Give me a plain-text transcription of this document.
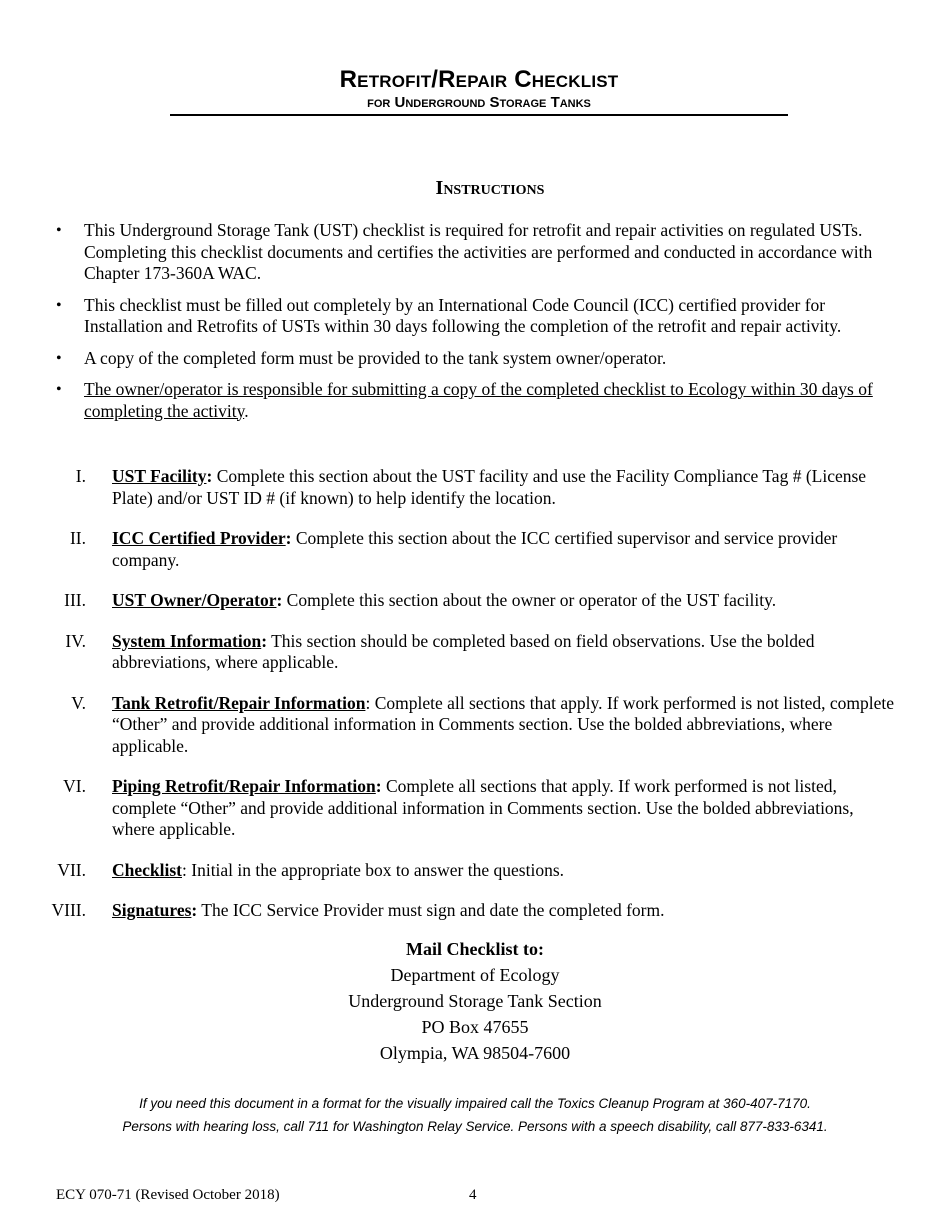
Retrofit/Repair Checklist
for Underground Storage Tanks
Instructions
• This Underground Storage Tank (UST) checklist is required for retrofit and repair activities on regulated USTs. Completing this checklist documents and certifies the activities are performed and conducted in accordance with Chapter 173-360A WAC.
• This checklist must be filled out completely by an International Code Council (ICC) certified provider for Installation and Retrofits of USTs within 30 days following the completion of the retrofit and repair activity.
• A copy of the completed form must be provided to the tank system owner/operator.
• The owner/operator is responsible for submitting a copy of the completed checklist to Ecology within 30 days of completing the activity.
I. UST Facility: Complete this section about the UST facility and use the Facility Compliance Tag # (License Plate) and/or UST ID # (if known) to help identify the location.
II. ICC Certified Provider: Complete this section about the ICC certified supervisor and service provider company.
III. UST Owner/Operator: Complete this section about the owner or operator of the UST facility.
IV. System Information: This section should be completed based on field observations. Use the bolded abbreviations, where applicable.
V. Tank Retrofit/Repair Information: Complete all sections that apply. If work performed is not listed, complete “Other” and provide additional information in Comments section. Use the bolded abbreviations, where applicable.
VI. Piping Retrofit/Repair Information: Complete all sections that apply. If work performed is not listed, complete “Other” and provide additional information in Comments section. Use the bolded abbreviations, where applicable.
VII. Checklist: Initial in the appropriate box to answer the questions.
VIII. Signatures: The ICC Service Provider must sign and date the completed form.
Mail Checklist to:
Department of Ecology
Underground Storage Tank Section
PO Box 47655
Olympia, WA 98504-7600
If you need this document in a format for the visually impaired call the Toxics Cleanup Program at 360-407-7170.
Persons with hearing loss, call 711 for Washington Relay Service. Persons with a speech disability, call 877-833-6341.
ECY 070-71 (Revised October 2018)	4
